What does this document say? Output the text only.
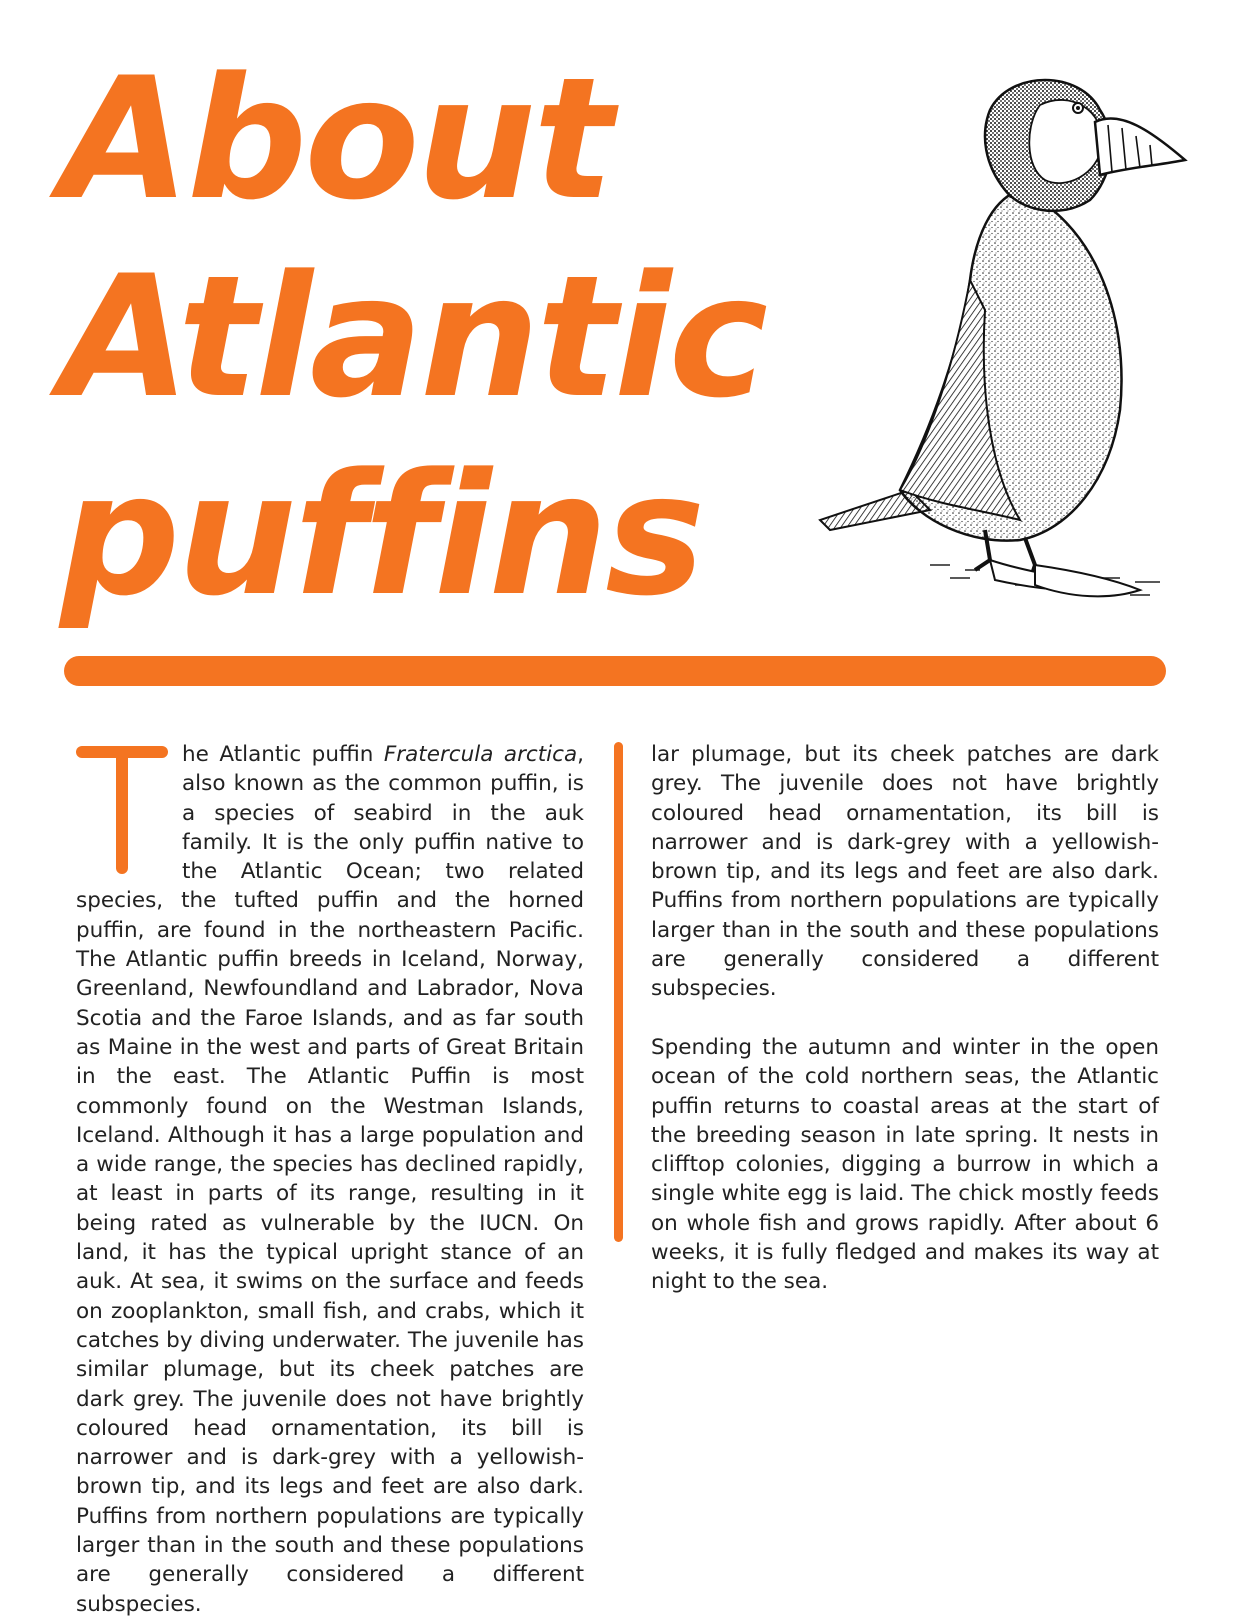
About
Atlantic
puffins

he Atlantic puffin Fratercula arctica, also known as the common puffin, is a species of seabird in the auk family. It is the only puffin native to the Atlantic Ocean; two related species, the tufted puffin and the horned puffin, are found in the northeastern Pacific. The Atlantic puffin breeds in Iceland, Norway, Greenland, Newfoundland and Labrador, Nova Scotia and the Faroe Islands, and as far south as Maine in the west and parts of Great Britain in the east. The Atlantic Puffin is most commonly found on the Westman Islands, Iceland. Although it has a large population and a wide range, the species has declined rapidly, at least in parts of its range, resulting in it being rated as vulnerable by the IUCN. On land, it has the typical upright stance of an auk. At sea, it swims on the surface and feeds on zooplankton, small fish, and crabs, which it catches by diving underwater. The juvenile has similar plumage, but its cheek patches are dark grey. The juvenile does not have brightly coloured head ornamentation, its bill is narrower and is dark-grey with a yellowish-brown tip, and its legs and feet are also dark. Puffins from northern populations are typically larger than in the south and these populations are generally considered a different subspecies.

lar plumage, but its cheek patches are dark grey. The juvenile does not have brightly coloured head ornamentation, its bill is narrower and is dark-grey with a yellowish-brown tip, and its legs and feet are also dark. Puffins from northern populations are typically larger than in the south and these populations are generally considered a different subspecies.

Spending the autumn and winter in the open ocean of the cold northern seas, the Atlantic puffin returns to coastal areas at the start of the breeding season in late spring. It nests in clifftop colonies, digging a burrow in which a single white egg is laid. The chick mostly feeds on whole fish and grows rapidly. After about 6 weeks, it is fully fledged and makes its way at night to the sea.
